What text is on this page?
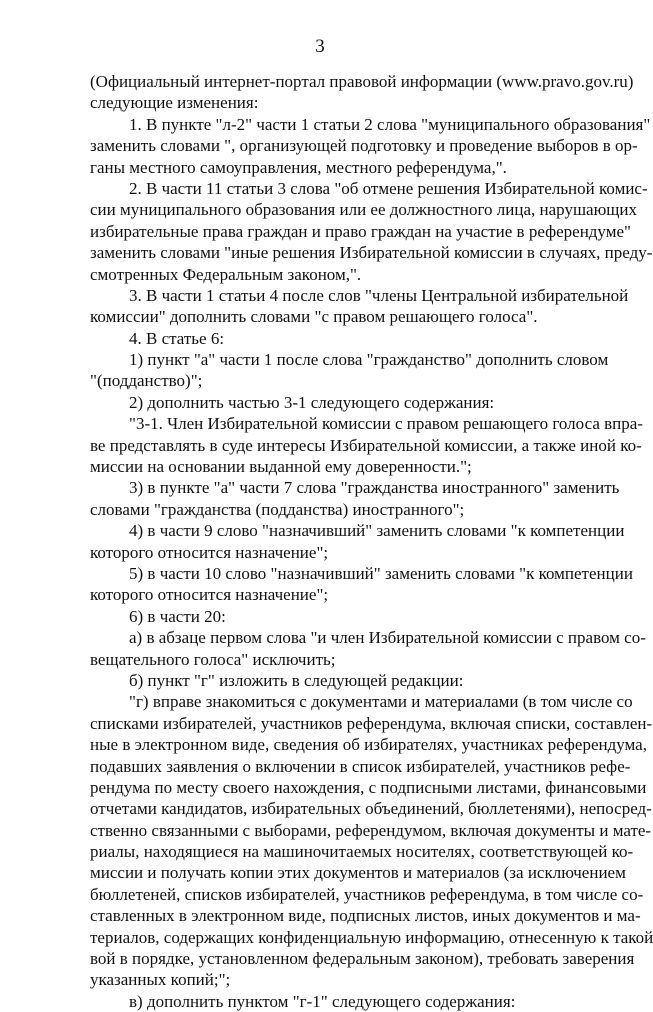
3
(Официальный интернет-портал правовой информации (www.pravo.gov.ru)
следующие изменения:
1. В пункте "л-2" части 1 статьи 2 слова "муниципального образования"
заменить словами ", организующей подготовку и проведение выборов в ор-
ганы местного самоуправления, местного референдума,".
2. В части 11 статьи 3 слова "об отмене решения Избирательной комис-
сии муниципального образования или ее должностного лица, нарушающих
избирательные права граждан и право граждан на участие в референдуме"
заменить словами "иные решения Избирательной комиссии в случаях, преду-
смотренных Федеральным законом,".
3. В части 1 статьи 4 после слов "члены Центральной избирательной
комиссии" дополнить словами "с правом решающего голоса".
4. В статье 6:
1) пункт "а" части 1 после слова "гражданство" дополнить словом
"(подданство)";
2) дополнить частью 3-1 следующего содержания:
"3-1. Член Избирательной комиссии с правом решающего голоса впра-
ве представлять в суде интересы Избирательной комиссии, а также иной ко-
миссии на основании выданной ему доверенности.";
3) в пункте "а" части 7 слова "гражданства иностранного" заменить
словами "гражданства (подданства) иностранного";
4) в части 9 слово "назначивший" заменить словами "к компетенции
которого относится назначение";
5) в части 10 слово "назначивший" заменить словами "к компетенции
которого относится назначение";
6) в части 20:
а) в абзаце первом слова "и член Избирательной комиссии с правом со-
вещательного голоса" исключить;
б) пункт "г" изложить в следующей редакции:
"г) вправе знакомиться с документами и материалами (в том числе со
списками избирателей, участников референдума, включая списки, составлен-
ные в электронном виде, сведения об избирателях, участниках референдума,
подавших заявления о включении в список избирателей, участников рефе-
рендума по месту своего нахождения, с подписными листами, финансовыми
отчетами кандидатов, избирательных объединений, бюллетенями), непосред-
ственно связанными с выборами, референдумом, включая документы и мате-
риалы, находящиеся на машиночитаемых носителях, соответствующей ко-
миссии и получать копии этих документов и материалов (за исключением
бюллетеней, списков избирателей, участников референдума, в том числе со-
ставленных в электронном виде, подписных листов, иных документов и ма-
териалов, содержащих конфиденциальную информацию, отнесенную к такой
вой в порядке, установленном федеральным законом), требовать заверения
указанных копий;";
в) дополнить пунктом "г-1" следующего содержания:
